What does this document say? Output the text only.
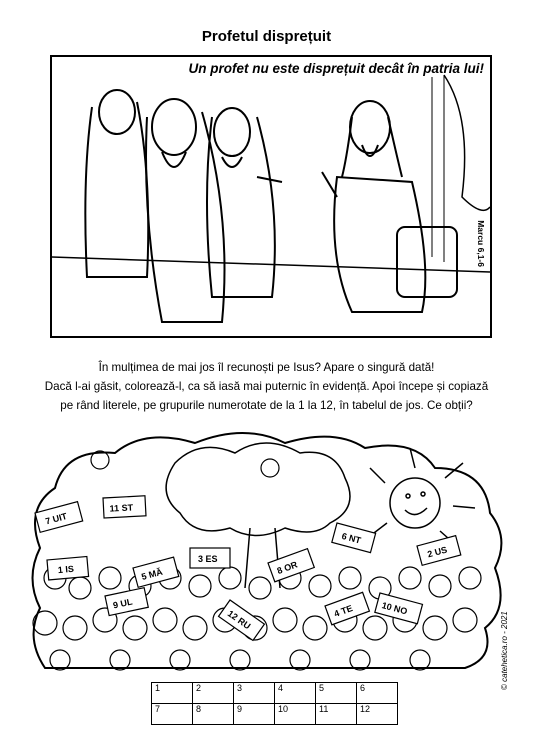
Profetul disprețuit
Un profet nu este disprețuit decât în patria lui!
Marcu 6,1-6
În mulțimea de mai jos îl recunoști pe Isus? Apare o singură dată!
Dacă l-ai găsit, colorează-l, ca să iasă mai puternic în evidență. Apoi începe și copiază
pe rând literele, pe grupurile numerotate de la 1 la 12, în tabelul de jos. Ce obții?
7 UIT
11 ST
1 IS	5 MĂ
3 ES
6 NT
2 US
9 UL
8 OR
12 RU	4 TE	10 NO
© catehetica.ro - 2021
1	2	3	4	5	6
7	8	9	10	11	12
